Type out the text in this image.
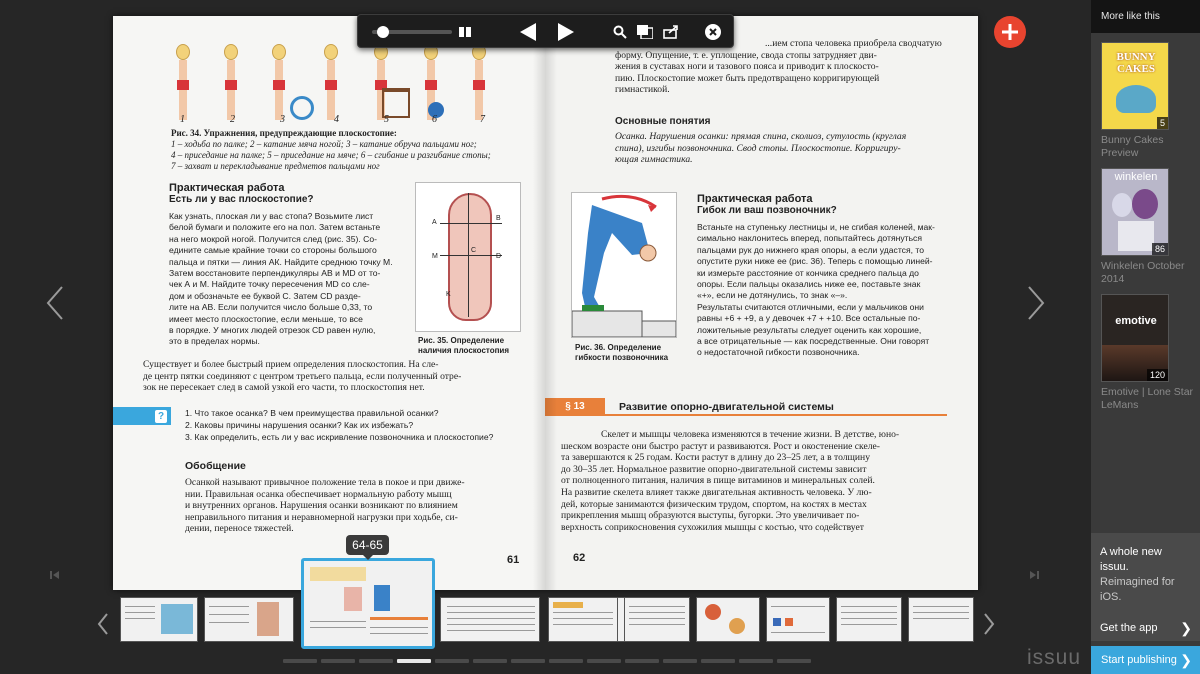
1	2	3	4	5	6	7
Рис. 34. Упражнения, предупреждающие плоскостопие:
1 – ходьба по палке; 2 – катание мяча ногой; 3 – катание обруча пальцами ног;
4 – приседание на палке; 5 – приседание на мяче; 6 – сгибание и разгибание стопы;
7 – захват и перекладывание предметов пальцами ног
Практическая работа
Есть ли у вас плоскостопие?
Как узнать, плоская ли у вас стопа? Возьмите лист
белой бумаги и положите его на пол. Затем встаньте
на него мокрой ногой. Получится след (рис. 35). Со-
едините самые крайние точки со стороны большого
пальца и пятки — линия АК. Найдите среднюю точку М.
Затем восстановите перпендикуляры АВ и MD от то-
чек А и М. Найдите точку пересечения MD со сле-
дом и обозначьте ее буквой С. Затем CD разде-
лите на АВ. Если получится число больше 0,33, то
имеет место плоскостопие, если меньше, то все
в порядке. У многих людей отрезок CD равен нулю,
это в пределах нормы.
A
B
M
C
D
K
Рис. 35. Определение
наличия плоскостопия
Существует и более быстрый прием определения плоскостопия. На сле-
де центр пятки соединяют с центром третьего пальца, если полученный отре-
зок не пересекает след в самой узкой его части, то плоскостопия нет.
?	1. Что такое осанка? В чем преимущества правильной осанки?
2. Каковы причины нарушения осанки? Как их избежать?
3. Как определить, есть ли у вас искривление позвоночника и плоскостопие?
Обобщение
Осанкой называют привычное положение тела в покое и при движе-
нии. Правильная осанка обеспечивает нормальную работу мышц
и внутренних органов. Нарушения осанки возникают по влиянием
неправильного питания и неравномерной нагрузки при ходьбе, си-
дении, переносе тяжестей.
61
...ием стопа человека приобрела сводчатую
форму. Опущение, т. е. уплощение, свода стопы затрудняет дви-
жения в суставах ноги и тазового пояса и приводит к плоскосто-
пию. Плоскостопие может быть предотвращено корригирующей
гимнастикой.
Основные понятия
Осанка. Нарушения осанки: прямая спина, сколиоз, сутулость (круглая
спина), изгибы позвоночника. Свод стопы. Плоскостопие. Корригиру-
ющая гимнастика.
Рис. 36. Определение
гибкости позвоночника
Практическая работа
Гибок ли ваш позвоночник?
Встаньте на ступеньку лестницы и, не сгибая коленей, мак-
симально наклонитесь вперед, попытайтесь дотянуться
пальцами рук до нижнего края опоры, а если удастся, то
опустите руки ниже ее (рис. 36). Теперь с помощью линей-
ки измерьте расстояние от кончика среднего пальца до
опоры. Если пальцы оказались ниже ее, поставьте знак
«+», если не дотянулись, то знак «–».
Результаты считаются отличными, если у мальчиков они
равны +6 + +9, а у девочек +7 + +10. Все остальные по-
ложительные результаты следует оценить как хорошие,
а все отрицательные — как посредственные. Они говорят
о недостаточной гибкости позвоночника.
§ 13	Развитие опорно-двигательной системы
Скелет и мышцы человека изменяются в течение жизни. В детстве, юно-
шеском возрасте они быстро растут и развиваются. Рост и окостенение скеле-
та завершаются к 25 годам. Кости растут в длину до 23–25 лет, а в толщину
до 30–35 лет. Нормальное развитие опорно-двигательной системы зависит
от полноценного питания, наличия в пище витаминов и минеральных солей.
На развитие скелета влияет также двигательная активность человека. У лю-
дей, которые занимаются физическим трудом, спортом, на костях в местах
прикрепления мышц образуются выступы, бугорки. Это увеличивает по-
верхность соприкосновения сухожилия мышцы с костью, что содействует
62
64-65
issuu
More like this
BUNNY CAKES
5
Bunny Cakes Preview
winkelen
86
Winkelen October 2014
emotive
120
Emotive | Lone Star LeMans
A whole new issuu.
Reimagined for iOS.
Get the app ❯
Start publishing ❯
